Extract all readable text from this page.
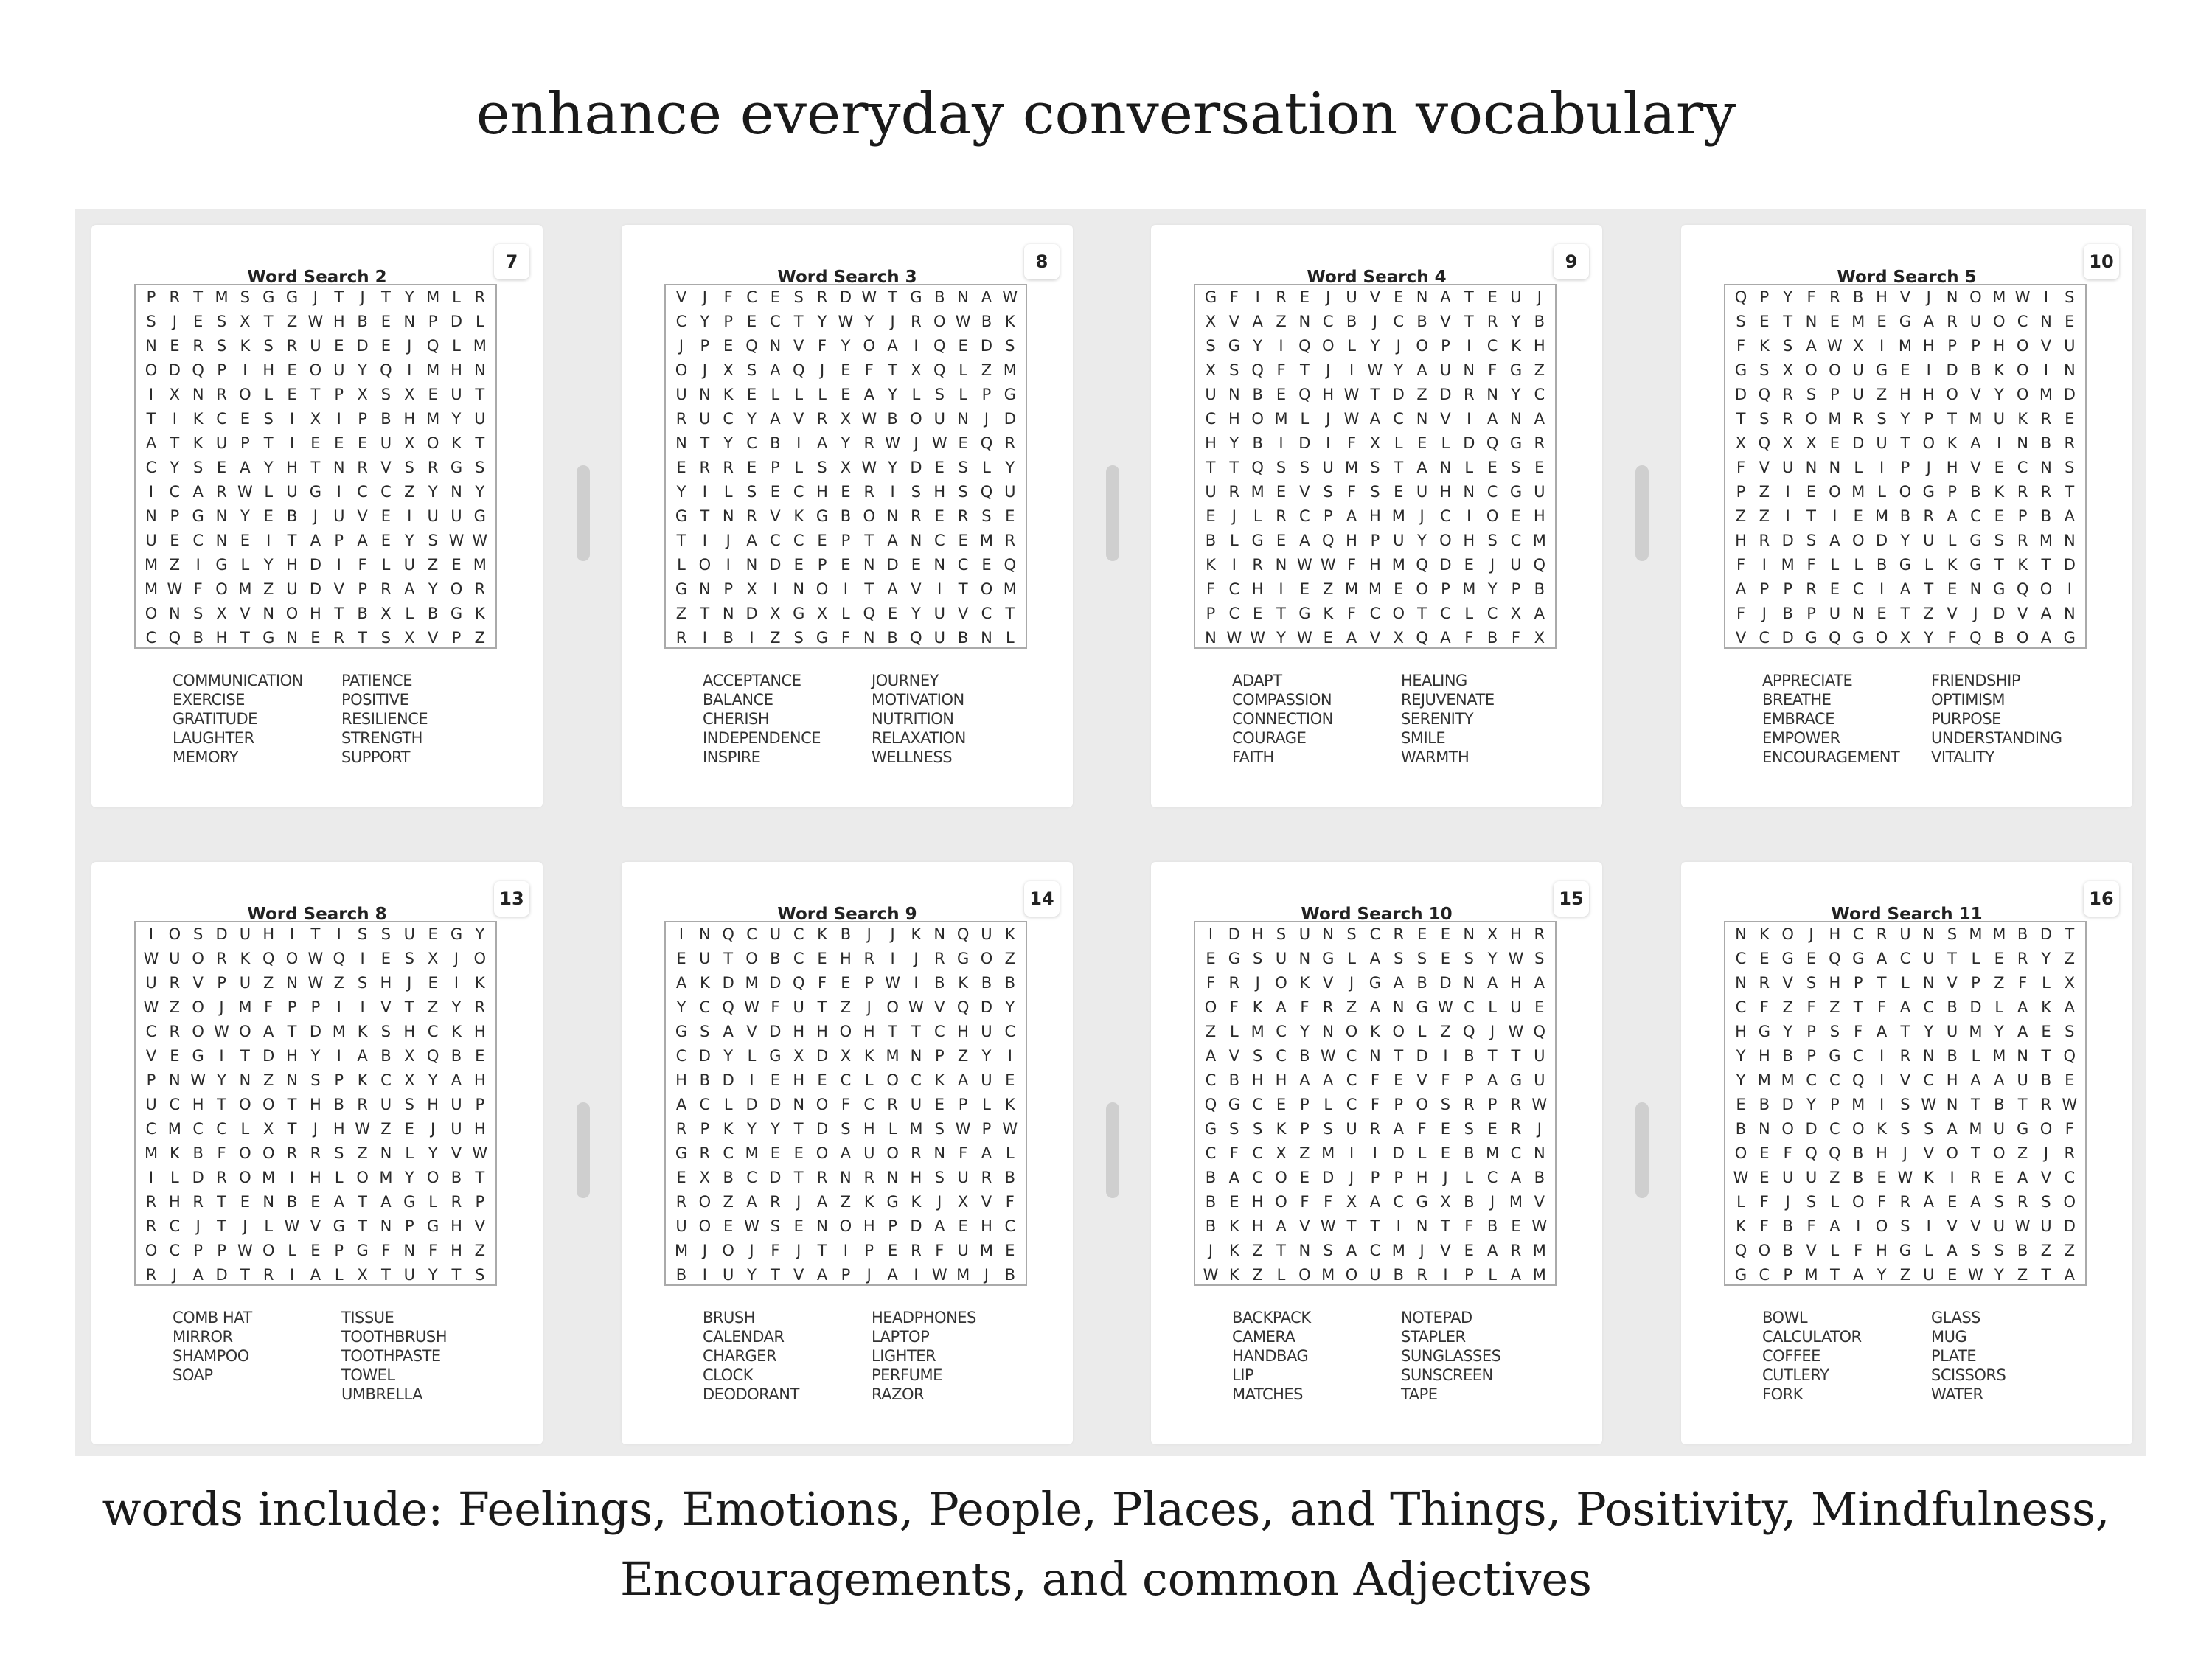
enhance everyday conversation vocabulary
Word Search 2
7
P R T M S G G J	T	J	T Y M L R
S	J	E S X T Z W H B E N P D L
N E R S K S R U E D E	J Q L M
O D Q P	I H E O U Y Q I M H N
I	X N R O L E T P X S X E U T
T	I	K C E S	I	X	I	P B H M Y U
A T K U P T	I	E E E U X O K T
C Y S E A Y H T N R V S R G S
I	C A R W L U G I	C C Z Y N Y
N P G N Y E B	J	U V E	I	U U G
U E C N E	I	T A P A E Y S W W
M Z	I G L Y H D I	F L U Z E M
M W F O M Z U D V P R A Y O R
O N S X V N O H T B X L B G K
C Q B H T G N E R T S X V P Z
COMMUNICATION
EXERCISE
GRATITUDE
LAUGHTER
MEMORY
PATIENCE
POSITIVE
RESILIENCE
STRENGTH
SUPPORT
Word Search 3
8
V	J	F C E S R D W T G B N A W
C Y P E C T Y W Y	J	R O W B K
J	P E Q N V F Y O A	I Q E D S
O J	X S A Q J	E F T X Q L Z M
U N K E L L L E A Y L S L P G
R U C Y A V R X W B O U N J D
N T Y C B	I	A Y R W J W E Q R
E R R E P L S X W Y D E S L Y
Y	I	L S E C H E R	I	S H S Q U
G T N R V K G B O N R E R S E
T	I	J	A C C E P T A N C E M R
L O I N D E P E N D E N C E Q
G N P X	I N O I	T A V	I	T O M
Z T N D X G X L Q E Y U V C T
R	I	B	I	Z S G F N B Q U B N L
ACCEPTANCE
BALANCE
CHERISH
INDEPENDENCE
INSPIRE
JOURNEY
MOTIVATION
NUTRITION
RELAXATION
WELLNESS
Word Search 4
9
G F	I	R E	J	U V E N A T E U	J
X V A Z N C B	J	C B V T R Y B
S G Y	I Q O L Y	J O P	I	C K H
X S Q F T	J	I W Y A U N F G Z
U N B E Q H W T D Z D R N Y C
C H O M L	J W A C N V	I	A N A
H Y B	I D I	F X L E L D Q G R
T T Q S S U M S T A N L E S E
U R M E V S F S E U H N C G U
E	J	L R C P A H M J	C	I O E H
B L G E A Q H P U Y O H S C M
K	I	R N W W F H M Q D E	J	U Q
F C H I	E Z M M E O P M Y P B
P C E T G K F C O T C L C X A
N W W Y W E A V X Q A F B F X
ADAPT
COMPASSION
CONNECTION
COURAGE
FAITH
HEALING
REJUVENATE
SERENITY
SMILE
WARMTH
Word Search 5
10
Q P Y F R B H V	J N O M W I	S
S E T N E M E G A R U O C N E
F K S A W X	I M H P P H O V U
G S X O O U G E	I D B K O I N
D Q R S P U Z H H O V Y O M D
T S R O M R S Y P T M U K R E
X Q X X E D U T O K A	I N B R
F V U N N L	I	P	J H V E C N S
P Z	I	E O M L O G P B K R R T
Z Z	I	T	I	E M B R A C E P B A
H R D S A O D Y U L G S R M N
F	I M F L L B G L K G T K T D
A P P R E C	I	A T E N G Q O I
F	J	B P U N E T Z V	J D V A N
V C D G Q G O X Y F Q B O A G
APPRECIATE
BREATHE
EMBRACE
EMPOWER
ENCOURAGEMENT
FRIENDSHIP
OPTIMISM
PURPOSE
UNDERSTANDING
VITALITY
Word Search 8
13
I O S D U H I	T	I	S S U E G Y
W U O R K Q O W Q I	E S X	J O
U R V P U Z N W Z S H J	E	I	K
W Z O J M F P P	I	I	V T Z Y R
C R O W O A T D M K S H C K H
V E G I	T D H Y	I	A B X Q B E
P N W Y N Z N S P K C X Y A H
U C H T O O T H B R U S H U P
C M C C L X T	J H W Z E	J	U H
M K B F O O R R S Z N L Y V W
I	L D R O M I H L O M Y O B T
R H R T E N B E A T A G L R P
R C	J	T	J	L W V G T N P G H V
O C P P W O L E P G F N F H Z
R	J	A D T R	I	A L X T U Y T S
COMB HAT
MIRROR
SHAMPOO
SOAP
TISSUE
TOOTHBRUSH
TOOTHPASTE
TOWEL
UMBRELLA
Word Search 9
14
I N Q C U C K B	J	J	K N Q U K
E U T O B C E H R	I	J	R G O Z
A K D M D Q F E P W I	B K B B
Y C Q W F U T Z	J O W V Q D Y
G S A V D H H O H T T C H U C
C D Y L G X D X K M N P Z Y	I
H B D I	E H E C L O C K A U E
A C L D D N O F C R U E P L K
R P K Y Y T D S H L M S W P W
G R C M E E O A U O R N F A L
E X B C D T R N R N H S U R B
R O Z A R	J	A Z K G K	J	X V F
U O E W S E N O H P D A E H C
M J O J	F	J	T	I	P E R F U M E
B	I	U Y T V A P	J	A	I W M J	B
BRUSH
CALENDAR
CHARGER
CLOCK
DEODORANT
HEADPHONES
LAPTOP
LIGHTER
PERFUME
RAZOR
Word Search 10
15
I D H S U N S C R E E N X H R
E G S U N G L A S S E S Y W S
F R	J O K V	J G A B D N A H A
O F K A F R Z A N G W C L U E
Z L M C Y N O K O L Z Q J W Q
A V S C B W C N T D I	B T T U
C B H H A A C F E V F P A G U
Q G C E P L C F P O S R P R W
G S S K P S U R A F E S E R	J
C F C X Z M I	I D L E B M C N
B A C O E D J	P P H J	L C A B
B E H O F F X A C G X B	J M V
B K H A V W T T	I N T F B E W
J	K Z T N S A C M J	V E A R M
W K Z L O M O U B R	I	P L A M
BACKPACK
CAMERA
HANDBAG
LIP
MATCHES
NOTEPAD
STAPLER
SUNGLASSES
SUNSCREEN
TAPE
Word Search 11
16
N K O J H C R U N S M M B D T
C E G E Q G A C U T L E R Y Z
N R V S H P T L N V P Z F L X
C F Z F Z T F A C B D L A K A
H G Y P S F A T Y U M Y A E S
Y H B P G C	I	R N B L M N T Q
Y M M C C Q I	V C H A A U B E
E B D Y P M I	S W N T B T R W
B N O D C O K S S A M U G O F
O E F Q Q B H J	V O T O Z	J	R
W E U U Z B E W K	I	R E A V C
L F	J	S L O F R A E A S R S O
K F B F A	I O S	I	V V U W U D
Q O B V L F H G L A S S B Z Z
G C P M T A Y Z U E W Y Z T A
BOWL
CALCULATOR
COFFEE
CUTLERY
FORK
GLASS
MUG
PLATE
SCISSORS
WATER
words include: Feelings, Emotions, People, Places, and Things, Positivity, Mindfulness,
Encouragements, and common Adjectives
